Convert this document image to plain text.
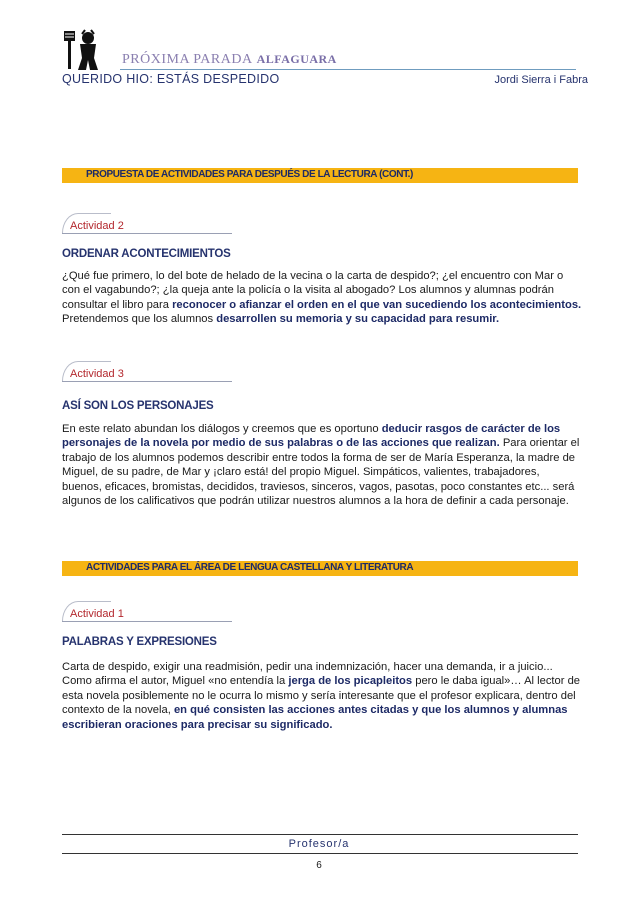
PRÓXIMA PARADA ALFAGUARA
QUERIDO HIO: ESTÁS DESPEDIDO	Jordi Sierra i Fabra
PROPUESTA DE ACTIVIDADES PARA DESPUÉS DE LA LECTURA (CONT.)
Actividad 2
ORDENAR ACONTECIMIENTOS
¿Qué fue primero, lo del bote de helado de la vecina o la carta de despido?; ¿el encuentro con Mar o con el vagabundo?; ¿la queja ante la policía o la visita al abogado? Los alumnos y alumnas podrán consultar el libro para reconocer o afianzar el orden en el que van sucediendo los acontecimientos. Pretendemos que los alumnos desarrollen su memoria y su capacidad para resumir.
Actividad 3
ASÍ SON LOS PERSONAJES
En este relato abundan los diálogos y creemos que es oportuno deducir rasgos de carácter de los personajes de la novela por medio de sus palabras o de las acciones que realizan. Para orientar el trabajo de los alumnos podemos describir entre todos la forma de ser de María Esperanza, la madre de Miguel, de su padre, de Mar y ¡claro está! del propio Miguel. Simpáticos, valientes, trabajadores, buenos, eficaces, bromistas, decididos, traviesos, sinceros, vagos, pasotas, poco constantes etc... será algunos de los calificativos que podrán utilizar nuestros alumnos a la hora de definir a cada personaje.
ACTIVIDADES PARA EL ÁREA DE LENGUA CASTELLANA Y LITERATURA
Actividad 1
PALABRAS Y EXPRESIONES
Carta de despido, exigir una readmisión, pedir una indemnización, hacer una demanda, ir a juicio... Como afirma el autor, Miguel «no entendía la jerga de los picapleitos pero le daba igual»… Al lector de esta novela posiblemente no le ocurra lo mismo y sería interesante que el profesor explicara, dentro del contexto de la novela, en qué consisten las acciones antes citadas y que los alumnos y alumnas escribieran oraciones para precisar su significado.
Profesor/a
6
